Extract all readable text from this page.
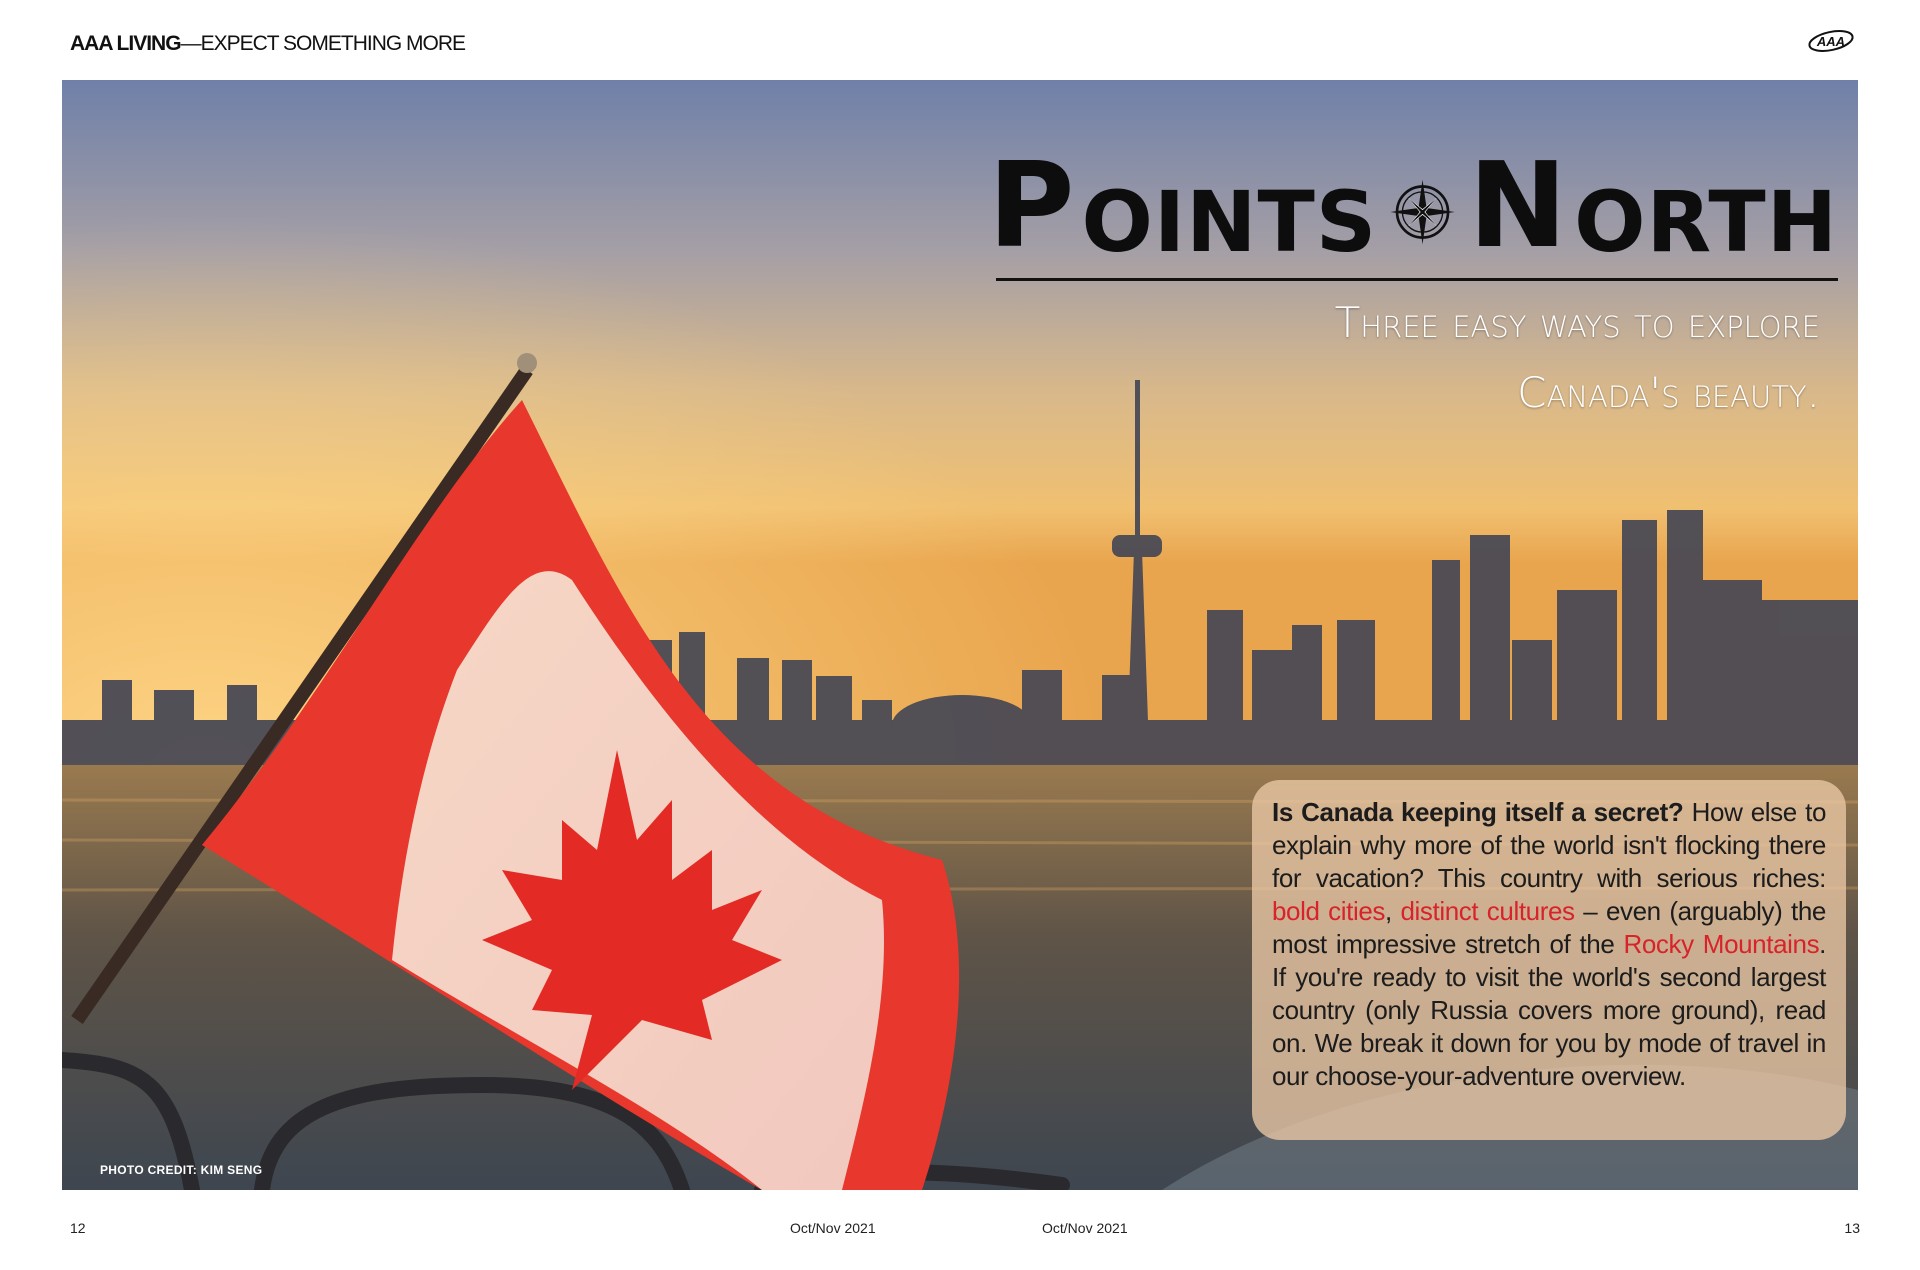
AAA LIVING—EXPECT SOMETHING MORE	AAA
P OINTS N ORTH
Three easy ways to explore
Canada's beauty.
Is Canada keeping itself a secret? How else to explain why more of the world isn't flocking there for vacation? This country with serious riches: bold cities, distinct cultures – even (arguably) the most impressive stretch of the Rocky Mountains. If you're ready to visit the world's second largest country (only Russia covers more ground), read on. We break it down for you by mode of travel in our choose-your-adventure overview.
PHOTO CREDIT: KIM SENG
12	Oct/Nov 2021	Oct/Nov 2021	13
